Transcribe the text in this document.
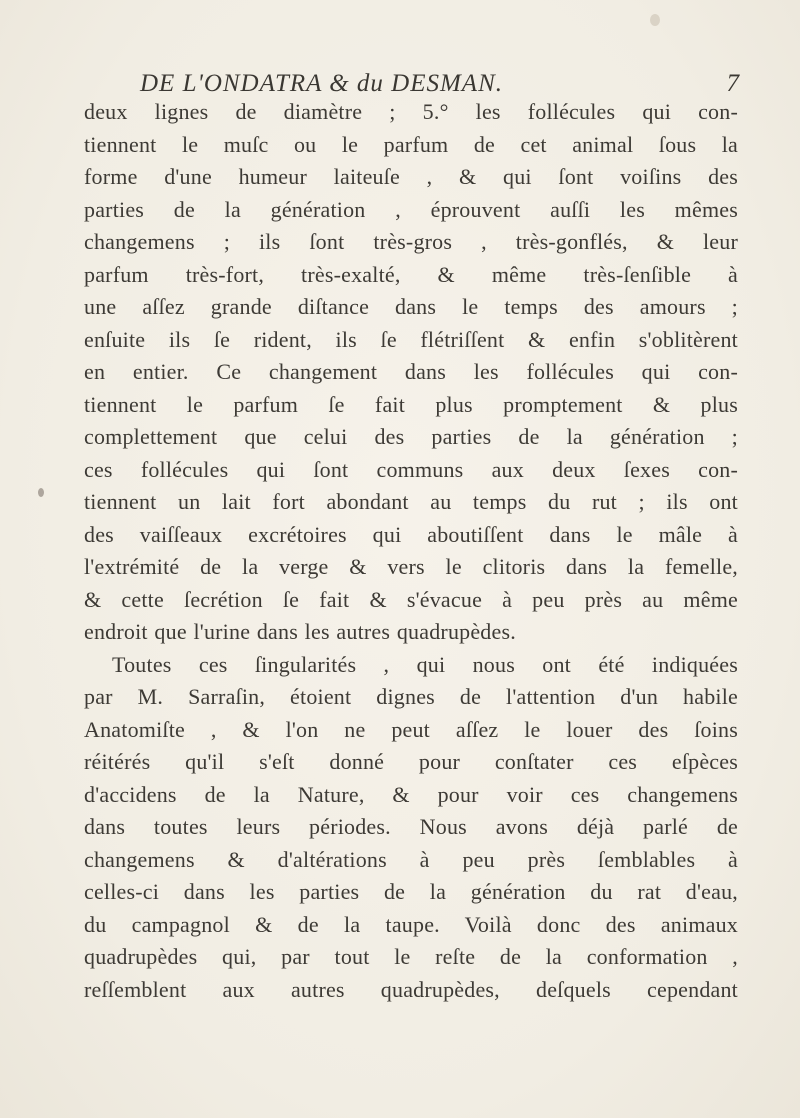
DE L'ONDATRA & du DESMAN.	7
deux lignes de diamètre ; 5.° les follécules qui con-
tiennent le muſc ou le parfum de cet animal ſous la
forme d'une humeur laiteuſe , & qui ſont voiſins des
parties de la génération , éprouvent auſſi les mêmes
changemens ; ils ſont très-gros , très-gonflés, & leur
parfum très-fort, très-exalté, & même très-ſenſible à
une aſſez grande diſtance dans le temps des amours ;
enſuite ils ſe rident, ils ſe flétriſſent & enfin s'oblitèrent
en entier. Ce changement dans les follécules qui con-
tiennent le parfum ſe fait plus promptement & plus
complettement que celui des parties de la génération ;
ces follécules qui ſont communs aux deux ſexes con-
tiennent un lait fort abondant au temps du rut ; ils ont
des vaiſſeaux excrétoires qui aboutiſſent dans le mâle à
l'extrémité de la verge & vers le clitoris dans la femelle,
& cette ſecrétion ſe fait & s'évacue à peu près au même
endroit que l'urine dans les autres quadrupèdes.
Toutes ces ſingularités , qui nous ont été indiquées
par M. Sarraſin, étoient dignes de l'attention d'un habile
Anatomiſte , & l'on ne peut aſſez le louer des ſoins
réitérés qu'il s'eſt donné pour conſtater ces eſpèces
d'accidens de la Nature, & pour voir ces changemens
dans toutes leurs périodes. Nous avons déjà parlé de
changemens & d'altérations à peu près ſemblables à
celles-ci dans les parties de la génération du rat d'eau,
du campagnol & de la taupe. Voilà donc des animaux
quadrupèdes qui, par tout le reſte de la conformation ,
reſſemblent aux autres quadrupèdes, deſquels cependant
